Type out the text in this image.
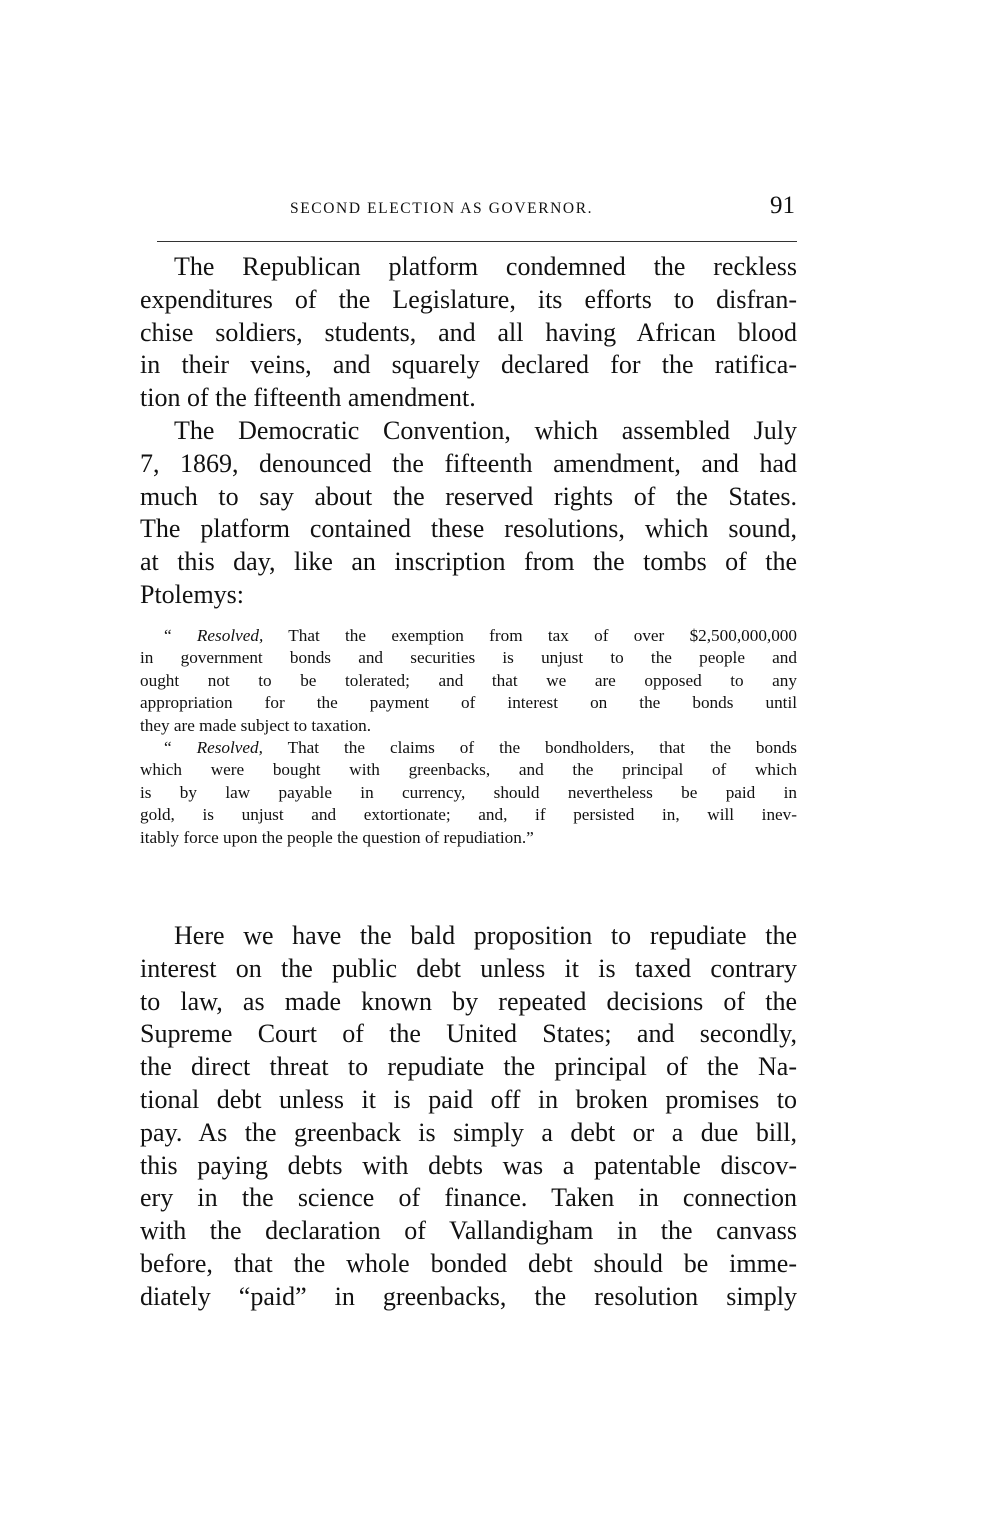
SECOND ELECTION AS GOVERNOR.	91
The Republican platform condemned the reckless
expenditures of the Legislature, its efforts to disfran-
chise soldiers, students, and all having African blood
in their veins, and squarely declared for the ratifica-
tion of the fifteenth amendment.
The Democratic Convention, which assembled July
7, 1869, denounced the fifteenth amendment, and had
much to say about the reserved rights of the States.
The platform contained these resolutions, which sound,
at this day, like an inscription from the tombs of the
Ptolemys:
“ Resolved, That the exemption from tax of over $2,500,000,000
in government bonds and securities is unjust to the people and
ought not to be tolerated; and that we are opposed to any
appropriation for the payment of interest on the bonds until
they are made subject to taxation.
“ Resolved, That the claims of the bondholders, that the bonds
which were bought with greenbacks, and the principal of which
is by law payable in currency, should nevertheless be paid in
gold, is unjust and extortionate; and, if persisted in, will inev-
itably force upon the people the question of repudiation.”
Here we have the bald proposition to repudiate the
interest on the public debt unless it is taxed contrary
to law, as made known by repeated decisions of the
Supreme Court of the United States; and secondly,
the direct threat to repudiate the principal of the Na-
tional debt unless it is paid off in broken promises to
pay. As the greenback is simply a debt or a due bill,
this paying debts with debts was a patentable discov-
ery in the science of finance. Taken in connection
with the declaration of Vallandigham in the canvass
before, that the whole bonded debt should be imme-
diately “paid” in greenbacks, the resolution simply
